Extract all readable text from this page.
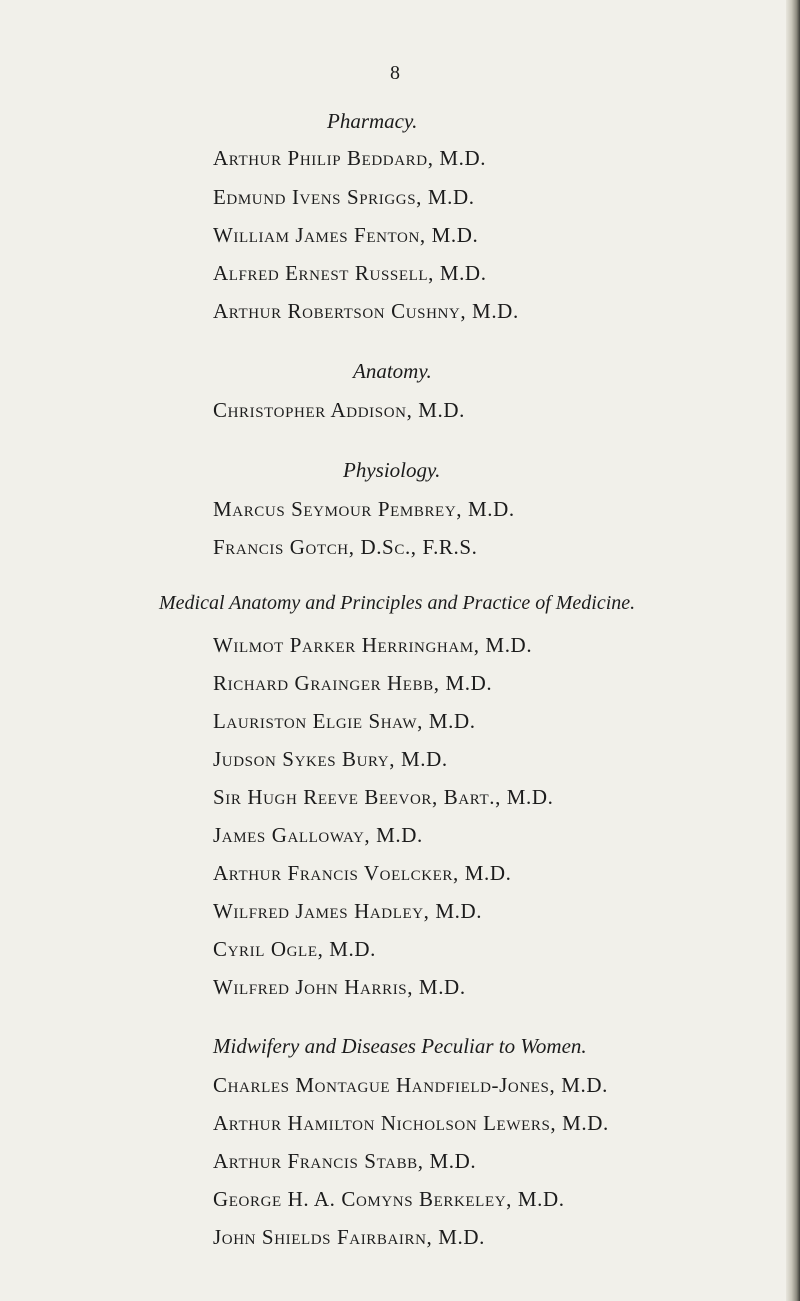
8
Pharmacy.
Arthur Philip Beddard, M.D.
Edmund Ivens Spriggs, M.D.
William James Fenton, M.D.
Alfred Ernest Russell, M.D.
Arthur Robertson Cushny, M.D.
Anatomy.
Christopher Addison, M.D.
Physiology.
Marcus Seymour Pembrey, M.D.
Francis Gotch, D.Sc., F.R.S.
Medical Anatomy and Principles and Practice of Medicine.
Wilmot Parker Herringham, M.D.
Richard Grainger Hebb, M.D.
Lauriston Elgie Shaw, M.D.
Judson Sykes Bury, M.D.
Sir Hugh Reeve Beevor, Bart., M.D.
James Galloway, M.D.
Arthur Francis Voelcker, M.D.
Wilfred James Hadley, M.D.
Cyril Ogle, M.D.
Wilfred John Harris, M.D.
Midwifery and Diseases Peculiar to Women.
Charles Montague Handfield-Jones, M.D.
Arthur Hamilton Nicholson Lewers, M.D.
Arthur Francis Stabb, M.D.
George H. A. Comyns Berkeley, M.D.
John Shields Fairbairn, M.D.
